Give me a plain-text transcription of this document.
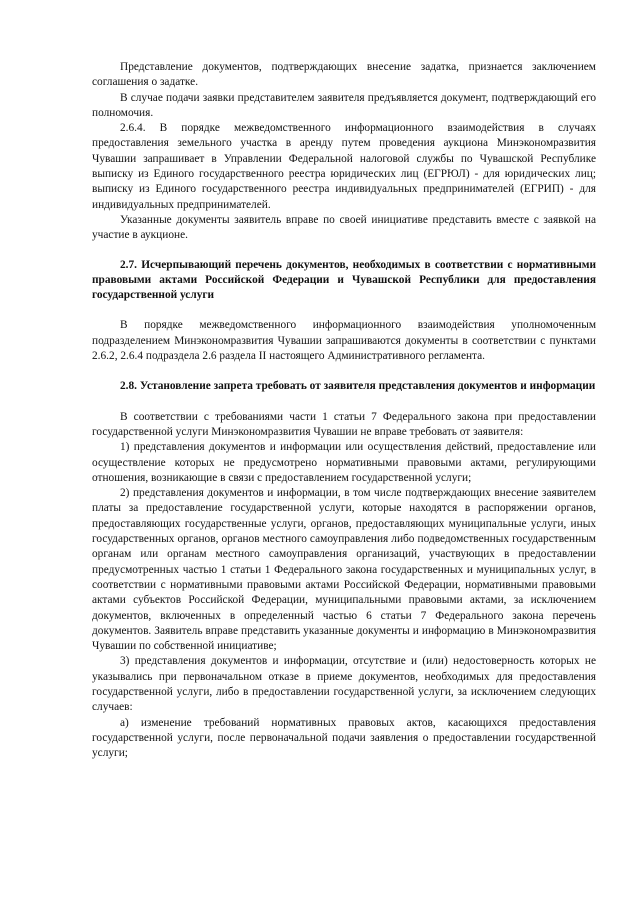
Представление документов, подтверждающих внесение задатка, признается заключением соглашения о задатке.

В случае подачи заявки представителем заявителя предъявляется документ, подтверждающий его полномочия.

2.6.4. В порядке межведомственного информационного взаимодействия в случаях предоставления земельного участка в аренду путем проведения аукциона Минэкономразвития Чувашии запрашивает в Управлении Федеральной налоговой службы по Чувашской Республике выписку из Единого государственного реестра юридических лиц (ЕГРЮЛ) - для юридических лиц; выписку из Единого государственного реестра индивидуальных предпринимателей (ЕГРИП) - для индивидуальных предпринимателей.

Указанные документы заявитель вправе по своей инициативе представить вместе с заявкой на участие в аукционе.

2.7. Исчерпывающий перечень документов, необходимых в соответствии с нормативными правовыми актами Российской Федерации и Чувашской Республики для предоставления государственной услуги

В порядке межведомственного информационного взаимодействия уполномоченным подразделением Минэкономразвития Чувашии запрашиваются документы в соответствии с пунктами 2.6.2, 2.6.4 подраздела 2.6 раздела II настоящего Административного регламента.

2.8. Установление запрета требовать от заявителя представления документов и информации

В соответствии с требованиями части 1 статьи 7 Федерального закона при предоставлении государственной услуги Минэкономразвития Чувашии не вправе требовать от заявителя:

1) представления документов и информации или осуществления действий, предоставление или осуществление которых не предусмотрено нормативными правовыми актами, регулирующими отношения, возникающие в связи с предоставлением государственной услуги;

2) представления документов и информации, в том числе подтверждающих внесение заявителем платы за предоставление государственной услуги, которые находятся в распоряжении органов, предоставляющих государственные услуги, органов, предоставляющих муниципальные услуги, иных государственных органов, органов местного самоуправления либо подведомственных государственным органам или органам местного самоуправления организаций, участвующих в предоставлении предусмотренных частью 1 статьи 1 Федерального закона государственных и муниципальных услуг, в соответствии с нормативными правовыми актами Российской Федерации, нормативными правовыми актами субъектов Российской Федерации, муниципальными правовыми актами, за исключением документов, включенных в определенный частью 6 статьи 7 Федерального закона перечень документов. Заявитель вправе представить указанные документы и информацию в Минэкономразвития Чувашии по собственной инициативе;

3) представления документов и информации, отсутствие и (или) недостоверность которых не указывались при первоначальном отказе в приеме документов, необходимых для предоставления государственной услуги, либо в предоставлении государственной услуги, за исключением следующих случаев:

а) изменение требований нормативных правовых актов, касающихся предоставления государственной услуги, после первоначальной подачи заявления о предоставлении государственной услуги;
